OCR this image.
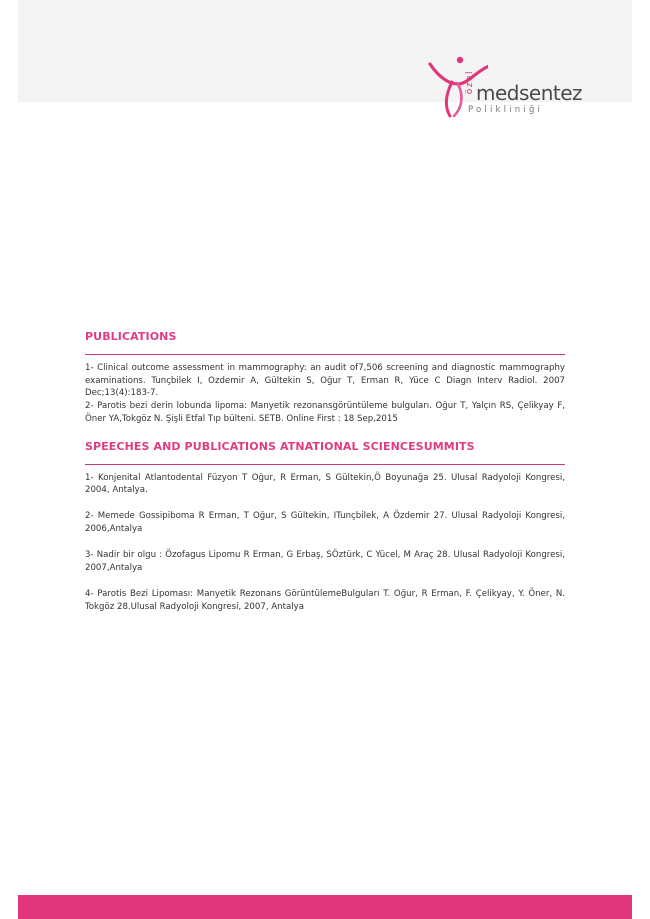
özel medsentez
Polikliniği
PUBLICATIONS

1- Clinical outcome assessment in mammography: an audit of7,506 screening and diagnostic mammography examinations. Tunçbilek I, Ozdemir A, Gültekin S, Oğur T, Erman R, Yüce C Diagn Interv Radiol. 2007 Dec;13(4):183-7.

2- Parotis bezi derin lobunda lipoma: Manyetik rezonansgörüntüleme bulguları. Oğur T, Yalçın RS, Çelikyay F, Öner YA,Tokgöz N. Şişli Etfal Tıp bülteni. SETB. Online First : 18 Sep,2015

SPEECHES AND PUBLICATIONS ATNATIONAL SCIENCESUMMITS

1- Konjenital Atlantodental Füzyon T Oğur, R Erman, S Gültekin,Ö Boyunağa 25. Ulusal Radyoloji Kongresi, 2004, Antalya.

2- Memede Gossipiboma R Erman, T Oğur, S Gültekin, ITunçbilek, A Özdemir 27. Ulusal Radyoloji Kongresi, 2006,Antalya

3- Nadir bir olgu : Özofagus Lipomu R Erman, G Erbaş, SÖztürk, C Yücel, M Araç 28. Ulusal Radyoloji Kongresi, 2007,Antalya

4- Parotis Bezi Lipoması: Manyetik Rezonans GörüntülemeBulguları T. Oğur, R Erman, F. Çelikyay, Y. Öner, N. Tokgöz 28.Ulusal Radyoloji Kongresi, 2007, Antalya
